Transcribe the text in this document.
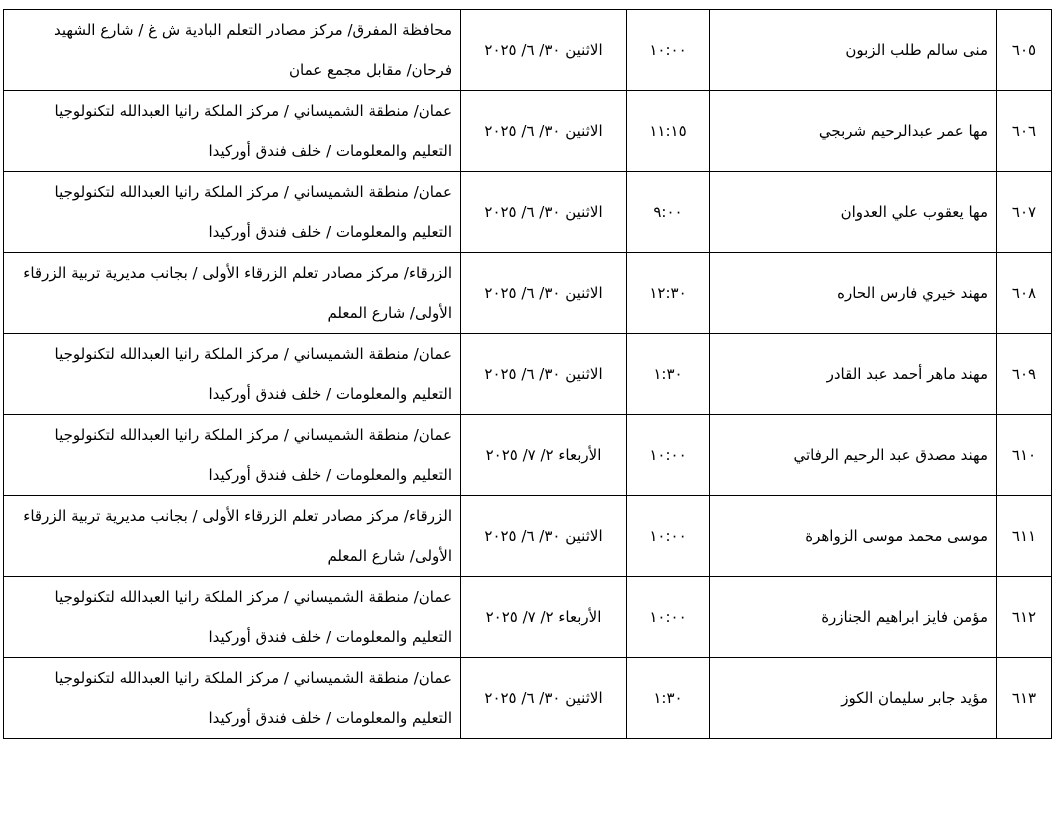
٦٠٥	منى سالم طلب الزبون	١٠:٠٠	الاثنين ٣٠/ ٦/ ٢٠٢٥	محافظة المفرق/ مركز مصادر التعلم البادية ش غ / شارع الشهيد
فرحان/ مقابل مجمع عمان

٦٠٦	مها عمر عبدالرحيم شربجي	١١:١٥	الاثنين ٣٠/ ٦/ ٢٠٢٥	عمان/ منطقة الشميساني / مركز الملكة رانيا العبدالله لتكنولوجيا
التعليم والمعلومات / خلف فندق أوركيدا

٦٠٧	مها يعقوب علي العدوان	٩:٠٠	الاثنين ٣٠/ ٦/ ٢٠٢٥	عمان/ منطقة الشميساني / مركز الملكة رانيا العبدالله لتكنولوجيا
التعليم والمعلومات / خلف فندق أوركيدا

٦٠٨	مهند خيري فارس الحاره	١٢:٣٠	الاثنين ٣٠/ ٦/ ٢٠٢٥	الزرقاء/ مركز مصادر تعلم الزرقاء الأولى / بجانب مديرية تربية الزرقاء
الأولى/ شارع المعلم

٦٠٩	مهند ماهر أحمد عبد القادر	١:٣٠	الاثنين ٣٠/ ٦/ ٢٠٢٥	عمان/ منطقة الشميساني / مركز الملكة رانيا العبدالله لتكنولوجيا
التعليم والمعلومات / خلف فندق أوركيدا

٦١٠	مهند مصدق عبد الرحيم الرفاتي	١٠:٠٠	الأربعاء ٢/ ٧/ ٢٠٢٥	عمان/ منطقة الشميساني / مركز الملكة رانيا العبدالله لتكنولوجيا
التعليم والمعلومات / خلف فندق أوركيدا

٦١١	موسى محمد موسى الزواهرة	١٠:٠٠	الاثنين ٣٠/ ٦/ ٢٠٢٥	الزرقاء/ مركز مصادر تعلم الزرقاء الأولى / بجانب مديرية تربية الزرقاء
الأولى/ شارع المعلم

٦١٢	مؤمن فايز ابراهيم الجنازرة	١٠:٠٠	الأربعاء ٢/ ٧/ ٢٠٢٥	عمان/ منطقة الشميساني / مركز الملكة رانيا العبدالله لتكنولوجيا
التعليم والمعلومات / خلف فندق أوركيدا

٦١٣	مؤيد جابر سليمان الكوز	١:٣٠	الاثنين ٣٠/ ٦/ ٢٠٢٥	عمان/ منطقة الشميساني / مركز الملكة رانيا العبدالله لتكنولوجيا
التعليم والمعلومات / خلف فندق أوركيدا
